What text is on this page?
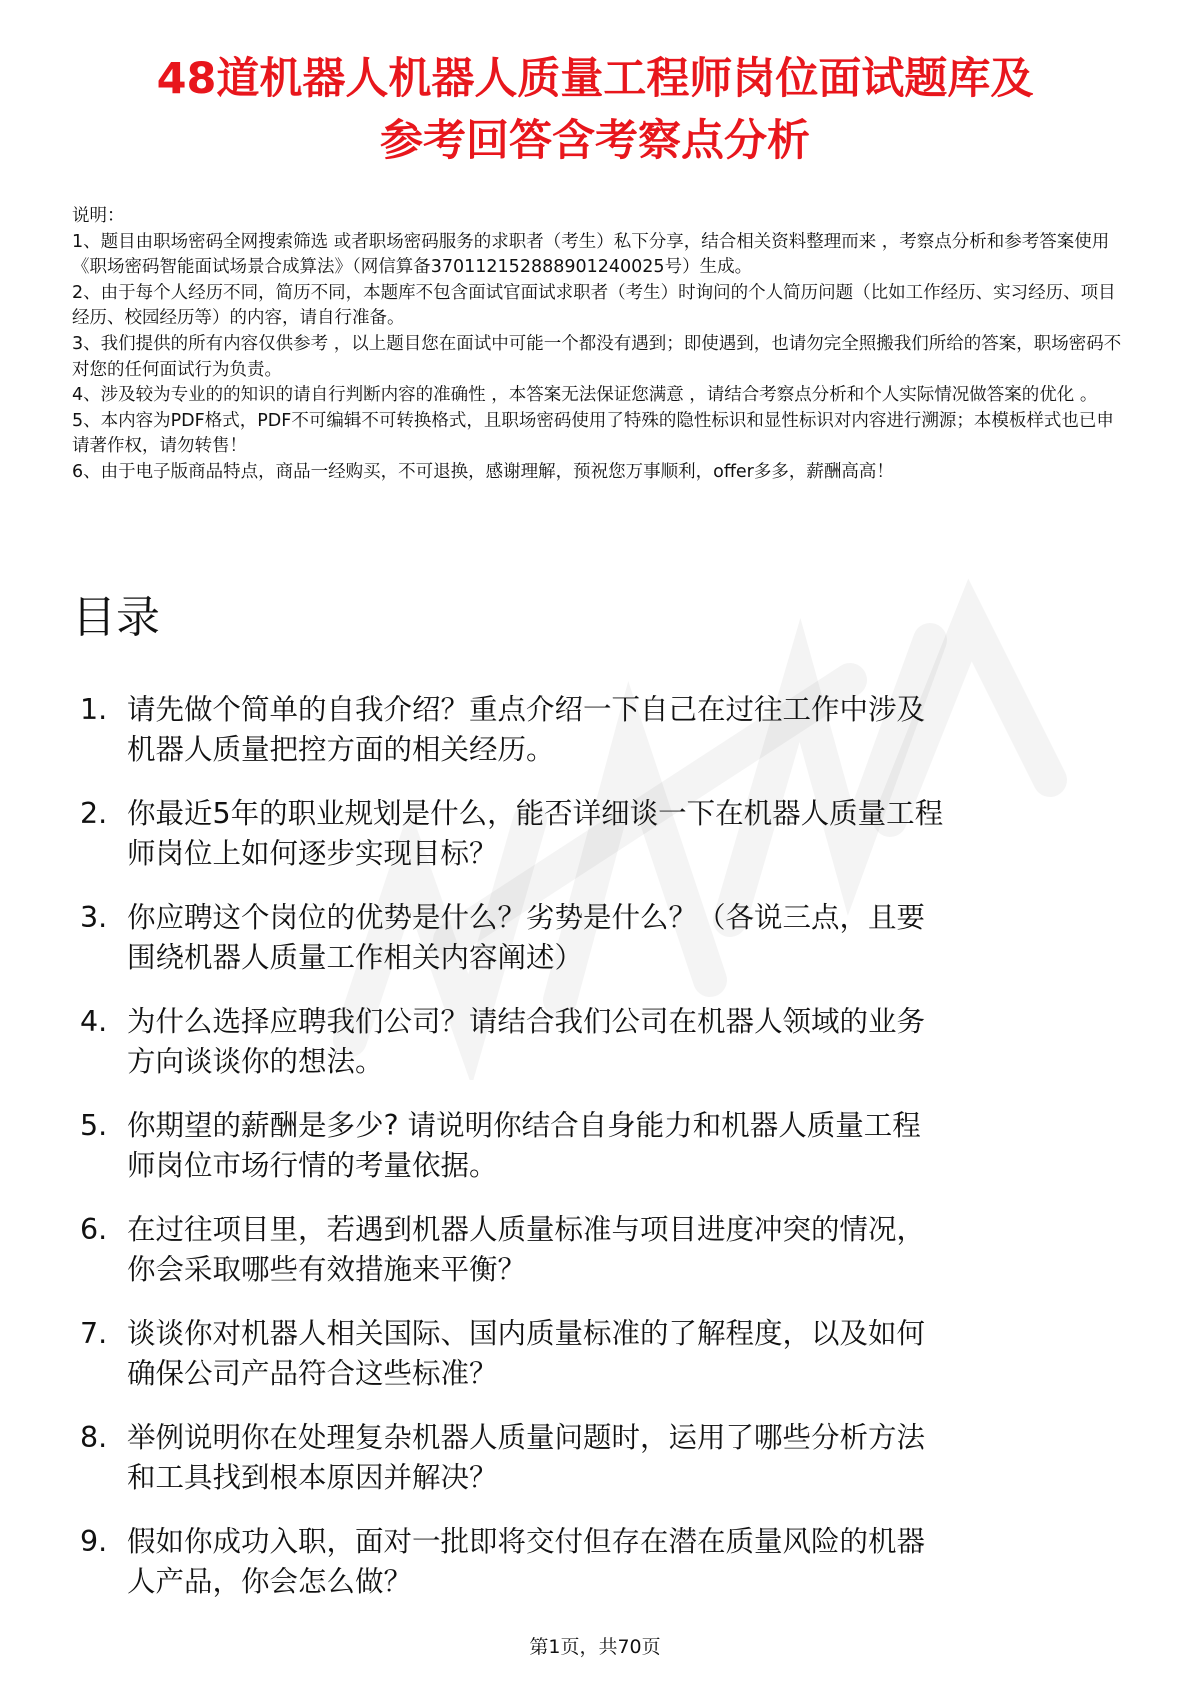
48道机器人机器人质量工程师岗位面试题库及
参考回答含考察点分析

说明：

1、题目由职场密码全网搜索筛选 或者职场密码服务的求职者（考生）私下分享，结合相关资料整理而来 ，考察点分析和参考答案使用《职场密码智能面试场景合成算法》（网信算备370112152888901240025号）生成。

2、由于每个人经历不同，简历不同，本题库不包含面试官面试求职者（考生）时询问的个人简历问题（比如工作经历、实习经历、项目经历、校园经历等）的内容，请自行准备。

3、我们提供的所有内容仅供参考 ，以上题目您在面试中可能一个都没有遇到；即使遇到，也请勿完全照搬我们所给的答案，职场密码不对您的任何面试行为负责。

4、涉及较为专业的的知识的请自行判断内容的准确性 ，本答案无法保证您满意 ，请结合考察点分析和个人实际情况做答案的优化 。

5、本内容为PDF格式，PDF不可编辑不可转换格式，且职场密码使用了特殊的隐性标识和显性标识对内容进行溯源；本模板样式也已申请著作权，请勿转售！

6、由于电子版商品特点，商品一经购买，不可退换，感谢理解，预祝您万事顺利，offer多多，薪酬高高！

目录
1. 请先做个简单的自我介绍？重点介绍一下自己在过往工作中涉及
机器人质量把控方面的相关经历。
2. 你最近5年的职业规划是什么，能否详细谈一下在机器人质量工程
师岗位上如何逐步实现目标？
3. 你应聘这个岗位的优势是什么？劣势是什么？（各说三点，且要
围绕机器人质量工作相关内容阐述）
4. 为什么选择应聘我们公司？请结合我们公司在机器人领域的业务
方向谈谈你的想法。
5. 你期望的薪酬是多少? 请说明你结合自身能力和机器人质量工程
师岗位市场行情的考量依据。
6. 在过往项目里，若遇到机器人质量标准与项目进度冲突的情况，
你会采取哪些有效措施来平衡？
7. 谈谈你对机器人相关国际、国内质量标准的了解程度，以及如何
确保公司产品符合这些标准？
8. 举例说明你在处理复杂机器人质量问题时，运用了哪些分析方法
和工具找到根本原因并解决？
9. 假如你成功入职，面对一批即将交付但存在潜在质量风险的机器
人产品，你会怎么做？
第1页，共70页
